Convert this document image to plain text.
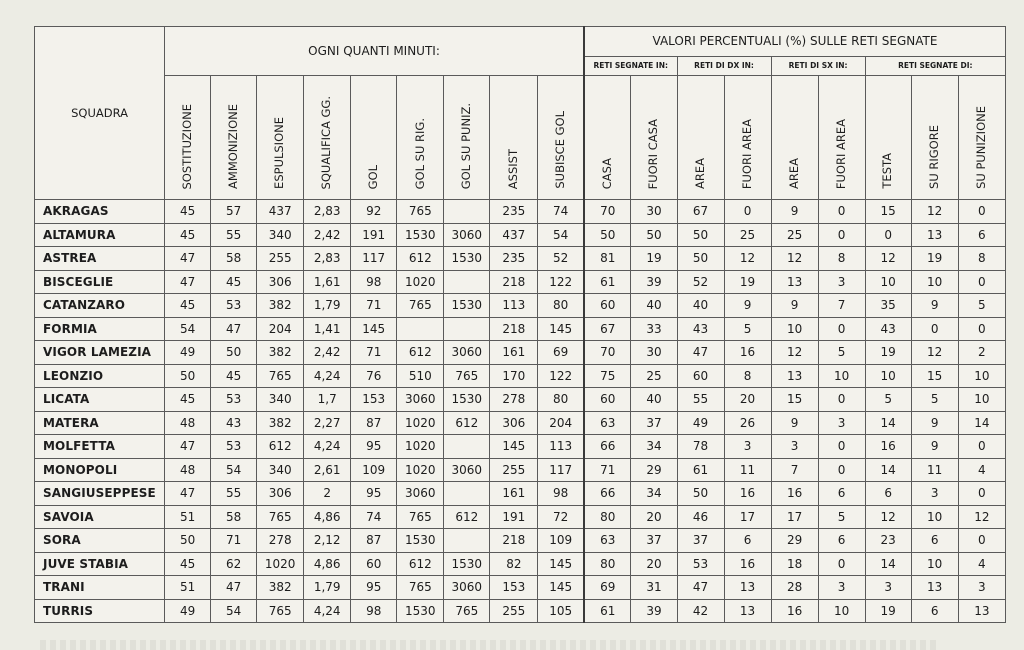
SQUADRA	OGNI QUANTI MINUTI:									VALORI PERCENTUALI (%) SULLE RETI SEGNATE								
										RETI SEGNATE IN:		RETI DI DX IN:		RETI DI SX IN:		RETI SEGNATE DI:		
	SOSTITUZIONE	AMMONIZIONE	ESPULSIONE	SQUALIFICA GG.	GOL	GOL SU RIG.	GOL SU PUNIZ.	ASSIST	SUBISCE GOL	CASA	FUORI CASA	AREA	FUORI AREA	AREA	FUORI AREA	TESTA	SU RIGORE	SU PUNIZIONE
AKRAGAS	45	57	437	2,83	92	765		235	74	70	30	67	0	9	0	15	12	0
ALTAMURA	45	55	340	2,42	191	1530	3060	437	54	50	50	50	25	25	0	0	13	6
ASTREA	47	58	255	2,83	117	612	1530	235	52	81	19	50	12	12	8	12	19	8
BISCEGLIE	47	45	306	1,61	98	1020		218	122	61	39	52	19	13	3	10	10	0
CATANZARO	45	53	382	1,79	71	765	1530	113	80	60	40	40	9	9	7	35	9	5
FORMIA	54	47	204	1,41	145			218	145	67	33	43	5	10	0	43	0	0
VIGOR LAMEZIA	49	50	382	2,42	71	612	3060	161	69	70	30	47	16	12	5	19	12	2
LEONZIO	50	45	765	4,24	76	510	765	170	122	75	25	60	8	13	10	10	15	10
LICATA	45	53	340	1,7	153	3060	1530	278	80	60	40	55	20	15	0	5	5	10
MATERA	48	43	382	2,27	87	1020	612	306	204	63	37	49	26	9	3	14	9	14
MOLFETTA	47	53	612	4,24	95	1020		145	113	66	34	78	3	3	0	16	9	0
MONOPOLI	48	54	340	2,61	109	1020	3060	255	117	71	29	61	11	7	0	14	11	4
SANGIUSEPPESE	47	55	306	2	95	3060		161	98	66	34	50	16	16	6	6	3	0
SAVOIA	51	58	765	4,86	74	765	612	191	72	80	20	46	17	17	5	12	10	12
SORA	50	71	278	2,12	87	1530		218	109	63	37	37	6	29	6	23	6	0
JUVE STABIA	45	62	1020	4,86	60	612	1530	82	145	80	20	53	16	18	0	14	10	4
TRANI	51	47	382	1,79	95	765	3060	153	145	69	31	47	13	28	3	3	13	3
TURRIS	49	54	765	4,24	98	1530	765	255	105	61	39	42	13	16	10	19	6	13
